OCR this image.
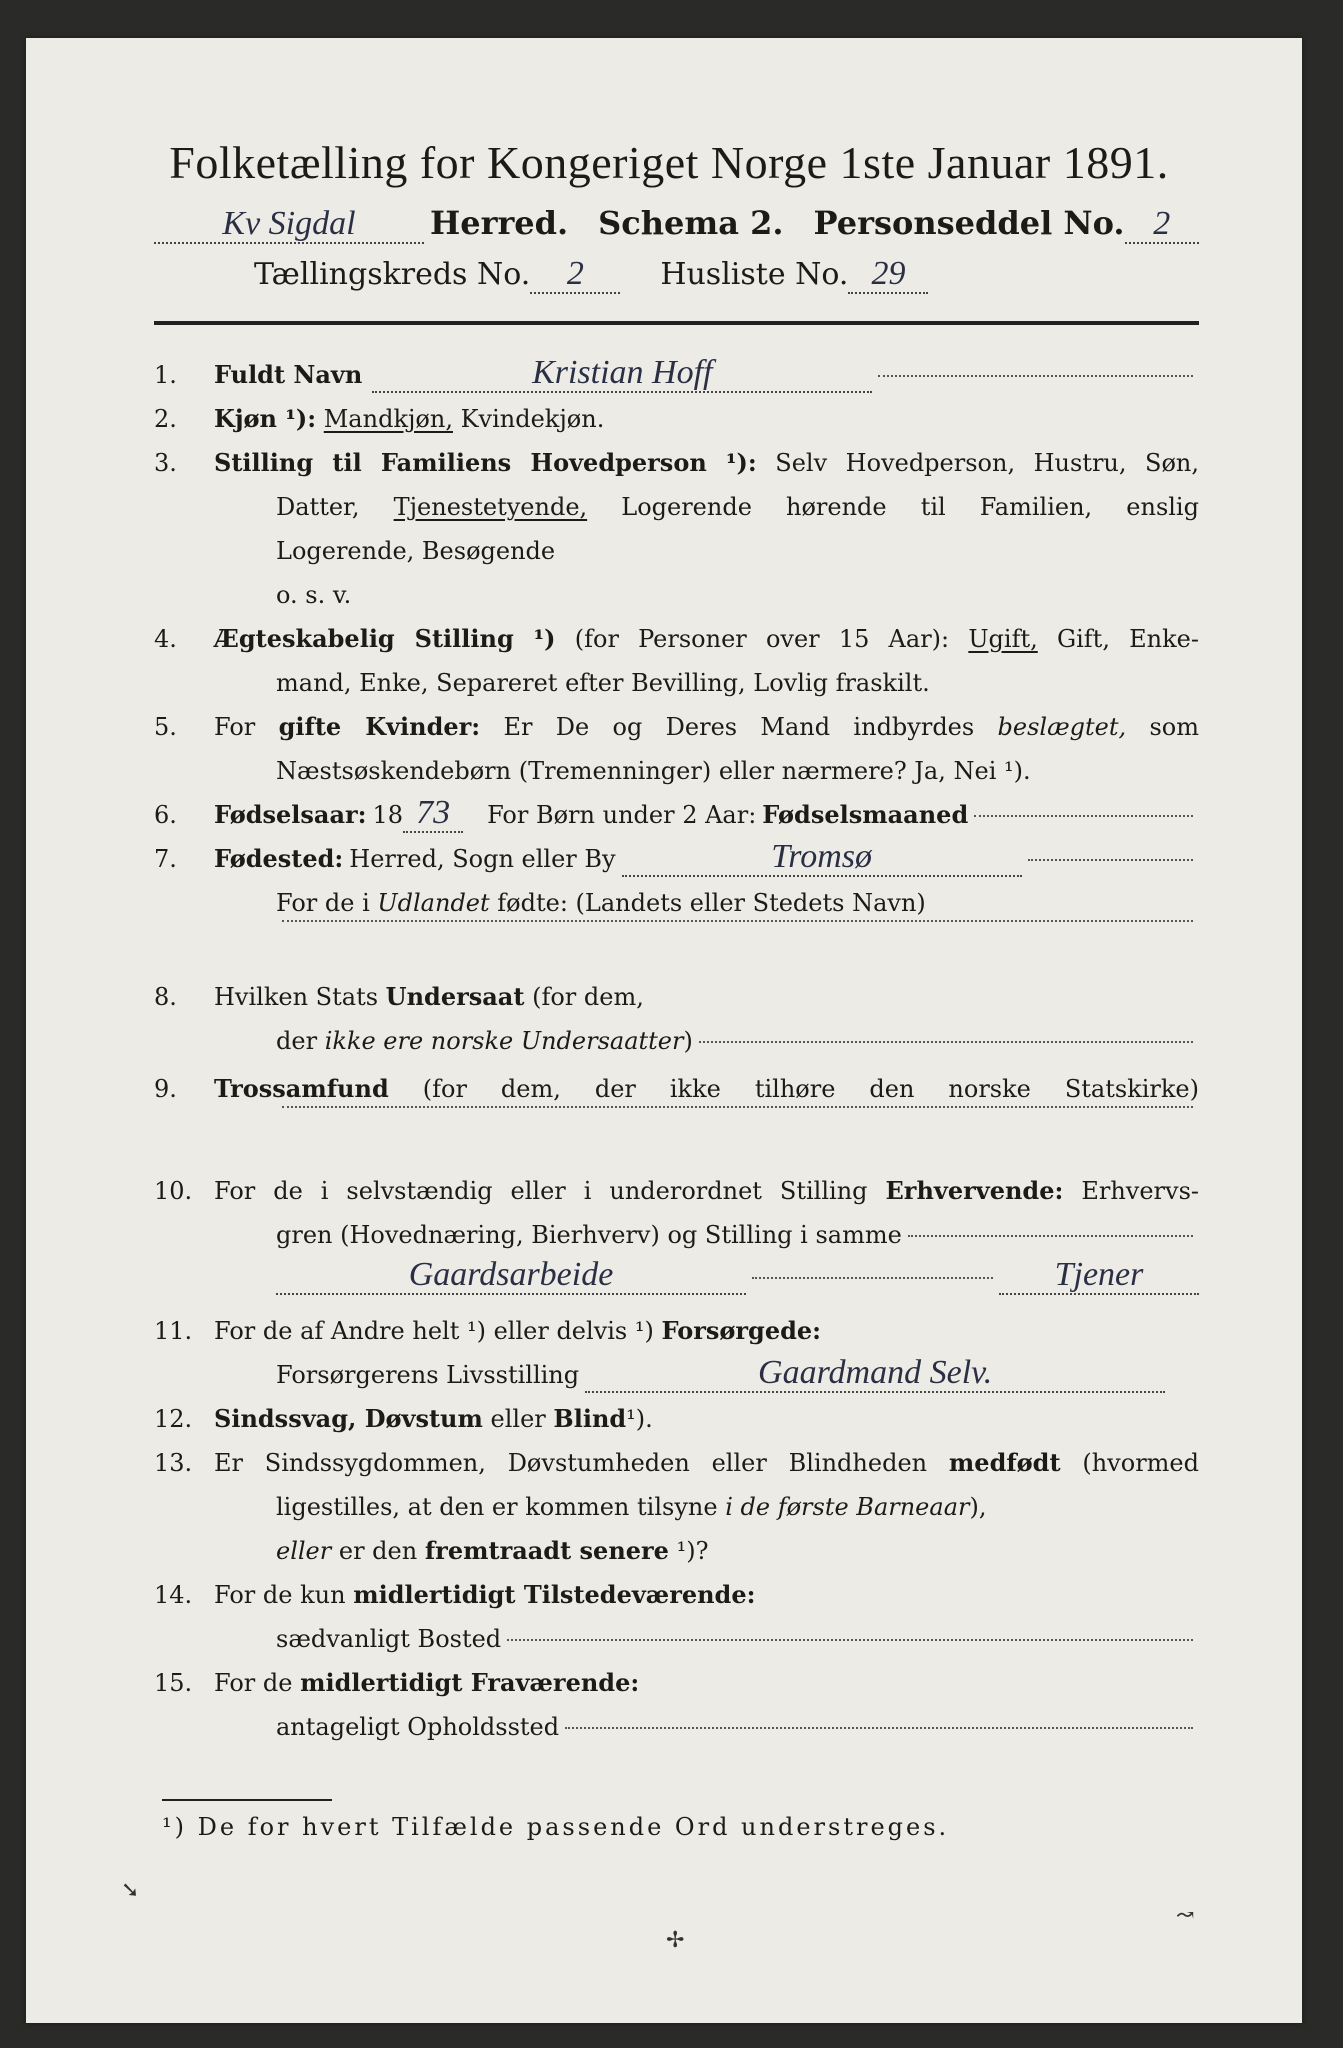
➘
✢
↝
Folketælling for Kongeriget Norge 1ste Januar 1891.
Kv Sigdal	Herred. Schema 2. Personseddel No. 2
Tællingskreds No.	2	Husliste No. 29
1.	Fuldt Navn	Kristian Hoff
2.	Kjøn ¹): Mandkjøn, Kvindekjøn.
3.	Stilling til Familiens Hovedperson ¹): Selv Hovedperson, Hustru, Søn,
Datter, Tjenestetyende, Logerende hørende til Familien, enslig
Logerende, Besøgende
o. s. v.
4.	Ægteskabelig Stilling ¹) (for Personer over 15 Aar): Ugift, Gift, Enke-
mand, Enke, Separeret efter Bevilling, Lovlig fraskilt.
5.	For gifte Kvinder: Er De og Deres Mand indbyrdes beslægtet, som
Næstsøskendebørn (Tremenninger) eller nærmere? Ja, Nei ¹).
6.	Fødselsaar: 18 73	For Børn under 2 Aar: Fødselsmaaned
7.	Fødested: Herred, Sogn eller By	Tromsø
For de i Udlandet fødte: (Landets eller Stedets Navn)
8.	Hvilken Stats Undersaat (for dem,
der
ikke ere norske Undersaatter )
9.	Trossamfund (for dem, der ikke tilhøre den norske Statskirke)
10. For de i selvstændig eller i underordnet Stilling Erhvervende: Erhvervs-
gren (Hovednæring, Bierhverv) og Stilling i samme
Gaardsarbeide	Tjener
11. For de af Andre helt ¹) eller delvis ¹) Forsørgede:
Forsørgerens Livsstilling	Gaardmand Selv.
12. Sindssvag, Døvstum eller Blind¹).
13. Er Sindssygdommen, Døvstumheden eller Blindheden medfødt (hvormed
ligestilles, at den er kommen tilsyne i de første Barneaar),
eller er den fremtraadt senere ¹)?
14. For de kun midlertidigt Tilstedeværende:
sædvanligt Bosted
15. For de midlertidigt Fraværende:
antageligt Opholdssted
¹) De for hvert Tilfælde passende Ord understreges.
